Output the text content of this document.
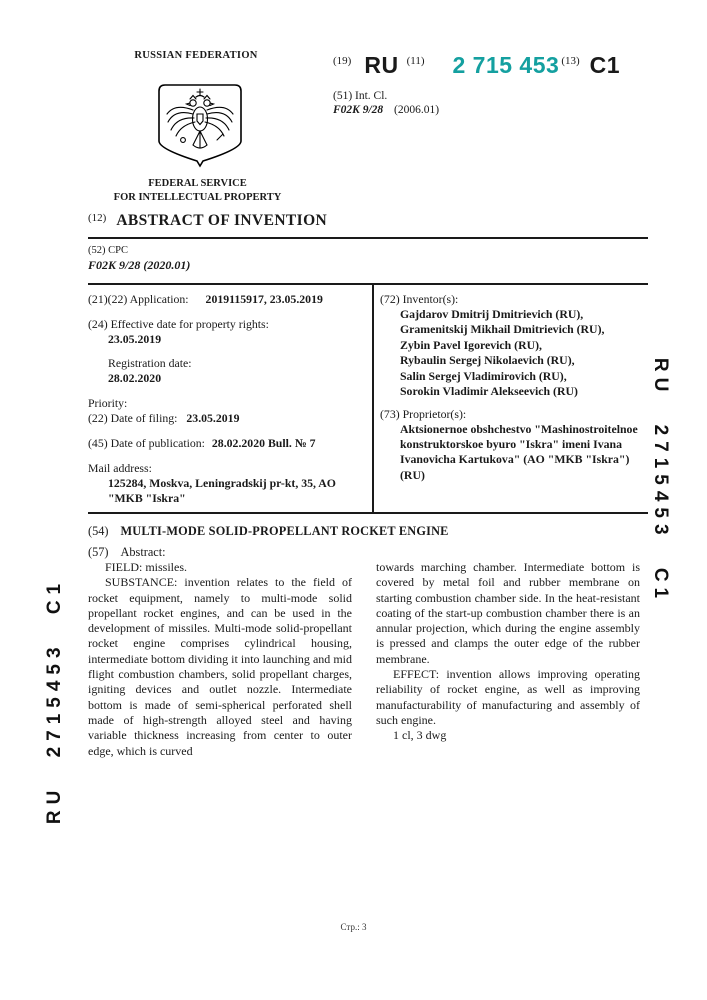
RU 2715453 C1
RU 2715453 C1
RUSSIAN FEDERATION
FEDERAL SERVICE
FOR INTELLECTUAL PROPERTY
(19) RU (11) 2 715 453 (13) C1
(51) Int. Cl.
F02K 9/28 (2006.01)
(12) ABSTRACT OF INVENTION
(52) CPC
F02K 9/28 (2020.01)
(21)(22) Application: 2019115917, 23.05.2019
(24) Effective date for property rights:
23.05.2019
Registration date:
28.02.2020
Priority:
(22) Date of filing: 23.05.2019
(45) Date of publication: 28.02.2020 Bull. № 7
Mail address:
125284, Moskva, Leningradskij pr-kt, 35, AO "MKB "Iskra"
(72) Inventor(s):
Gajdarov Dmitrij Dmitrievich (RU),
Gramenitskij Mikhail Dmitrievich (RU),
Zybin Pavel Igorevich (RU),
Rybaulin Sergej Nikolaevich (RU),
Salin Sergej Vladimirovich (RU),
Sorokin Vladimir Alekseevich (RU)
(73) Proprietor(s):
Aktsionernoe obshchestvo "Mashinostroitelnoe konstruktorskoe byuro "Iskra" imeni Ivana Ivanovicha Kartukova" (AO "MKB "Iskra") (RU)
(54) MULTI-MODE SOLID-PROPELLANT ROCKET ENGINE
(57) Abstract:

FIELD: missiles.

SUBSTANCE: invention relates to the field of rocket equipment, namely to multi-mode solid propellant rocket engines, and can be used in the development of missiles. Multi-mode solid-propellant rocket engine comprises cylindrical housing, intermediate bottom dividing it into launching and mid flight combustion chambers, solid propellant charges, igniting devices and outlet nozzle. Intermediate bottom is made of semi-spherical perforated shell made of high-strength alloyed steel and having variable thickness increasing from center to outer edge, which is curved

towards marching chamber. Intermediate bottom is covered by metal foil and rubber membrane on starting combustion chamber side. In the heat-resistant coating of the start-up combustion chamber there is an annular projection, which during the engine assembly is pressed and clamps the outer edge of the rubber membrane.

EFFECT: invention allows improving operating reliability of rocket engine, as well as improving manufacturability of manufacturing and assembly of such engine.

1 cl, 3 dwg

Стр.: 3
